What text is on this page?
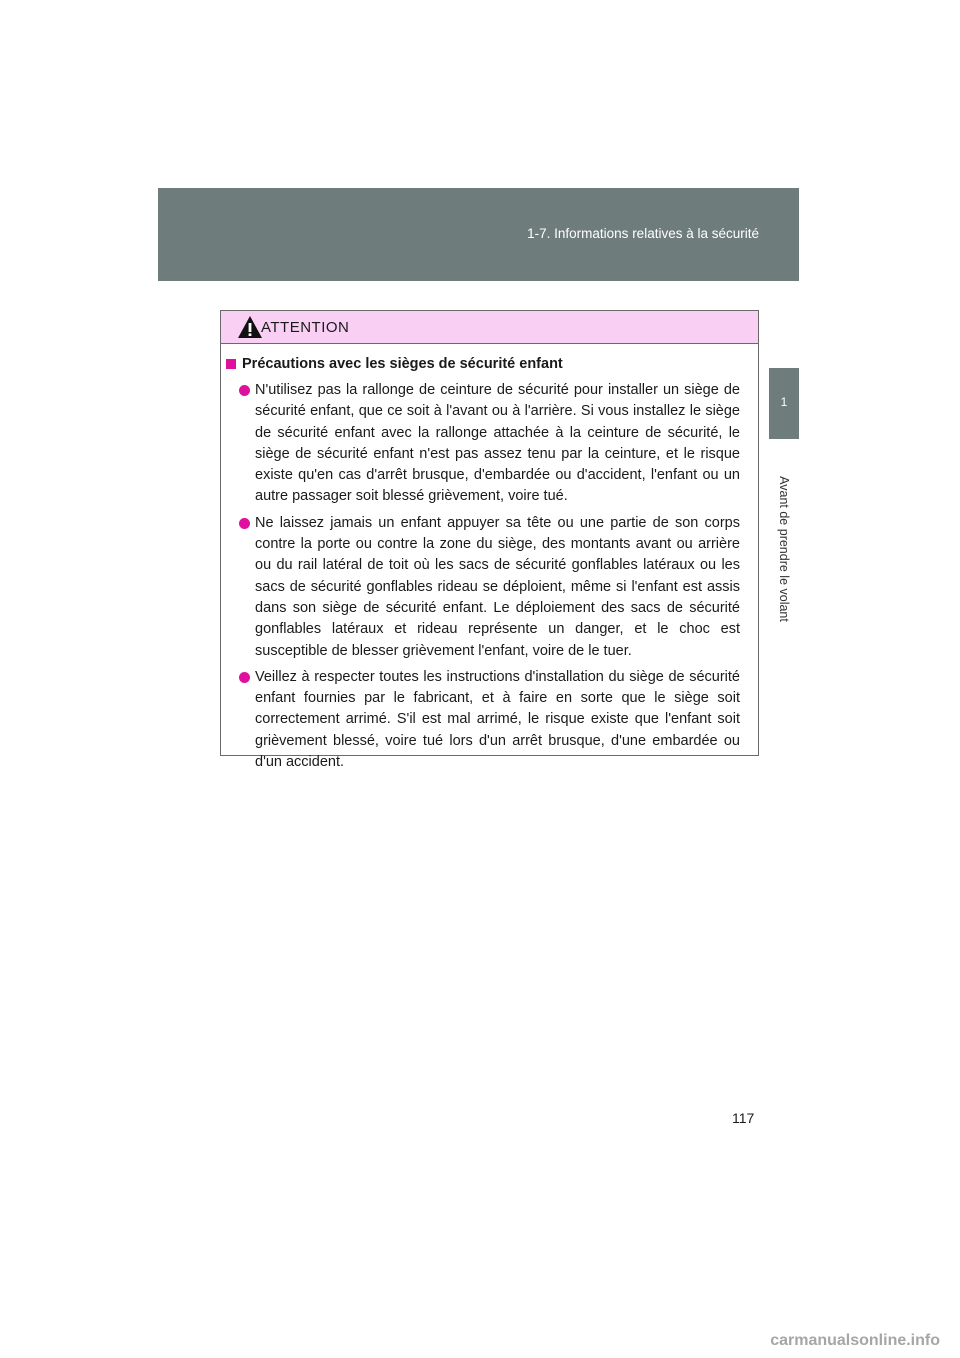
1-7. Informations relatives à la sécurité
1
Avant de prendre le volant
ATTENTION
Précautions avec les sièges de sécurité enfant
N'utilisez pas la rallonge de ceinture de sécurité pour installer un siège de sécurité enfant, que ce soit à l'avant ou à l'arrière. Si vous installez le siège de sécurité enfant avec la rallonge attachée à la ceinture de sécurité, le siège de sécurité enfant n'est pas assez tenu par la ceinture, et le risque existe qu'en cas d'arrêt brusque, d'embardée ou d'accident, l'enfant ou un autre passager soit blessé grièvement, voire tué.
Ne laissez jamais un enfant appuyer sa tête ou une partie de son corps contre la porte ou contre la zone du siège, des montants avant ou arrière ou du rail latéral de toit où les sacs de sécurité gonflables latéraux ou les sacs de sécurité gonflables rideau se déploient, même si l'enfant est assis dans son siège de sécurité enfant. Le déploiement des sacs de sécurité gonflables latéraux et rideau représente un danger, et le choc est susceptible de blesser grièvement l'enfant, voire de le tuer.
Veillez à respecter toutes les instructions d'installation du siège de sécurité enfant fournies par le fabricant, et à faire en sorte que le siège soit correctement arrimé. S'il est mal arrimé, le risque existe que l'enfant soit grièvement blessé, voire tué lors d'un arrêt brusque, d'une embardée ou d'un accident.
117
carmanualsonline.info
